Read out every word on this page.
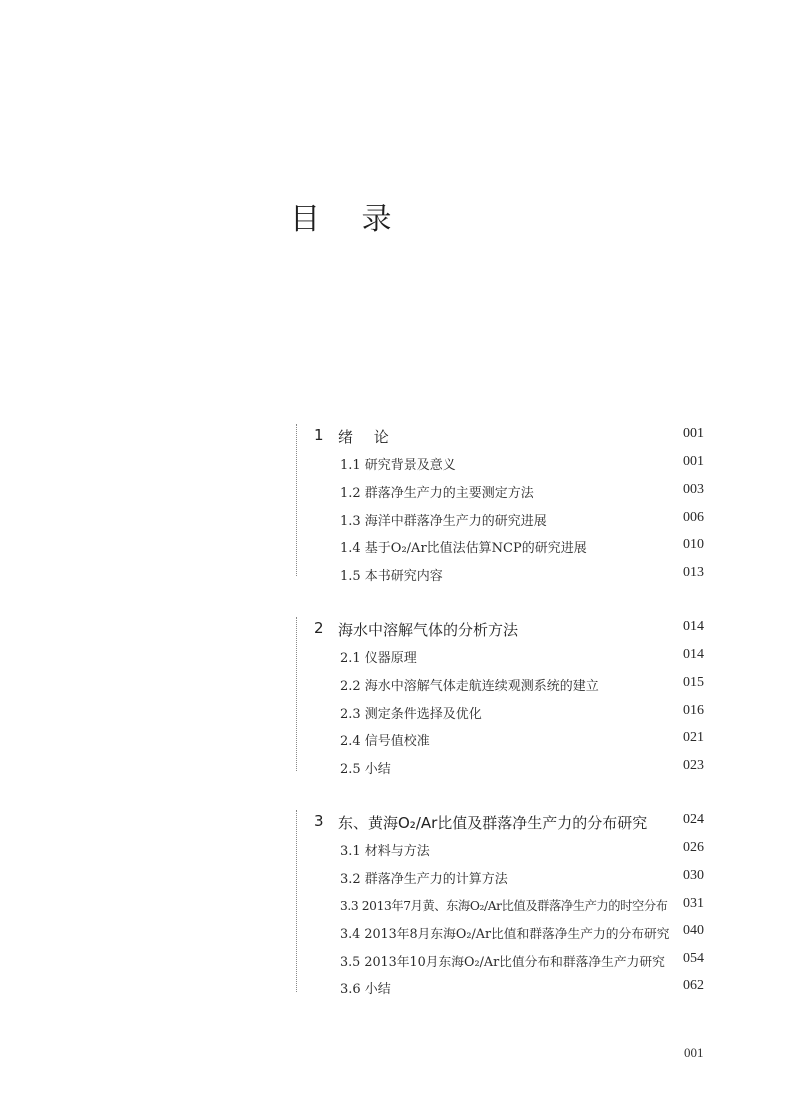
目 录
1 绪 论	001
1.1 研究背景及意义	001
1.2 群落净生产力的主要测定方法	003
1.3 海洋中群落净生产力的研究进展	006
1.4 基于O₂/Ar比值法估算NCP的研究进展	010
1.5 本书研究内容	013
2 海水中溶解气体的分析方法	014
2.1 仪器原理	014
2.2 海水中溶解气体走航连续观测系统的建立	015
2.3 测定条件选择及优化	016
2.4 信号值校准	021
2.5 小结	023
3 东、黄海O₂/Ar比值及群落净生产力的分布研究	024
3.1 材料与方法	026
3.2 群落净生产力的计算方法	030
3.3 2013年7月黄、东海O₂/Ar比值及群落净生产力的时空分布 031
3.4 2013年8月东海O₂/Ar比值和群落净生产力的分布研究 040
3.5 2013年10月东海O₂/Ar比值分布和群落净生产力研究 054
3.6 小结	062
001
